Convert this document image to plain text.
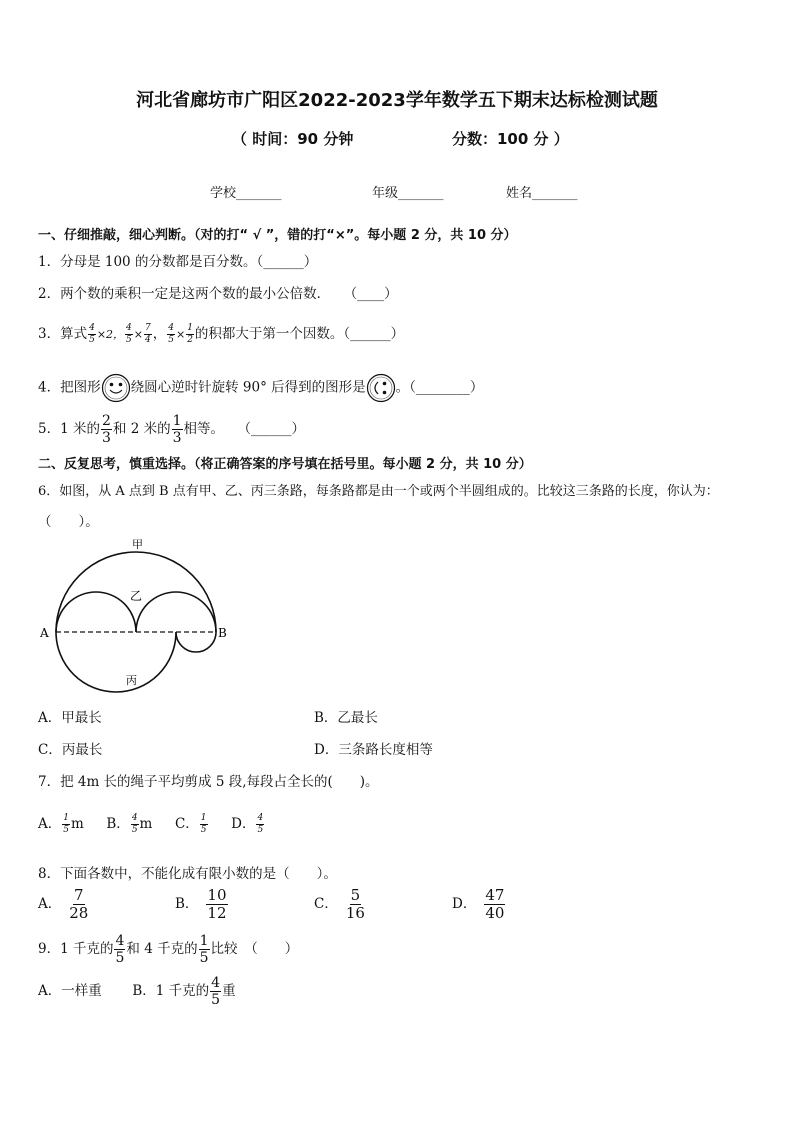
河北省廊坊市广阳区2022-2023学年数学五下期末达标检测试题
（ 时间：90 分钟	分数：100 分 ）
学校_______	年级_______	姓名_______
一、仔细推敲，细心判断。（对的打“ √ ”，错的打“×”。每小题 2 分，共 10 分）
1．分母是 100 的分数都是百分数。（______）
2．两个数的乘积一定是这两个数的最小公倍数．　　（____）
3．算式 $\frac{4}{5} \times 2$， $\frac{4}{5} \times \frac{7}{4}$ ， $\frac{4}{5} \times \frac{1}{2}$ 的积都大于第一个因数。（______）
4．把图形 绕圆心逆时针旋转 90° 后得到的图形是 。（________）
5．1 米的 $\frac{2}{3}$ 和 2 米的 $\frac{1}{3}$ 相等。　　（______）
二、反复思考，慎重选择。（将正确答案的序号填在括号里。每小题 2 分，共 10 分）
6．如图，从 A 点到 B 点有甲、乙、丙三条路，每条路都是由一个或两个半圆组成的。比较这三条路的长度，你认为：
（　　）。
甲
乙
丙
A	B
A．甲最长	B．乙最长
C．丙最长	D．三条路长度相等
7．把 4m 长的绳子平均剪成 5 段,每段占全长的(　　)。
A． $\frac{1}{5}$ m B． $\frac{4}{5}$ m C． $\frac{1}{5}$ D． $\frac{4}{5}$
8．下面各数中，不能化成有限小数的是（　　）。
A． $\frac{7}{28}$	B． $\frac{10}{12}$	C． $\frac{5}{16}$	D． $\frac{47}{40}$
9．1 千克的 $\frac{4}{5}$ 和 4 千克的 $\frac{1}{5}$ 比较　（　　）
A．一样重 B．1 千克的 $\frac{4}{5}$ 重
